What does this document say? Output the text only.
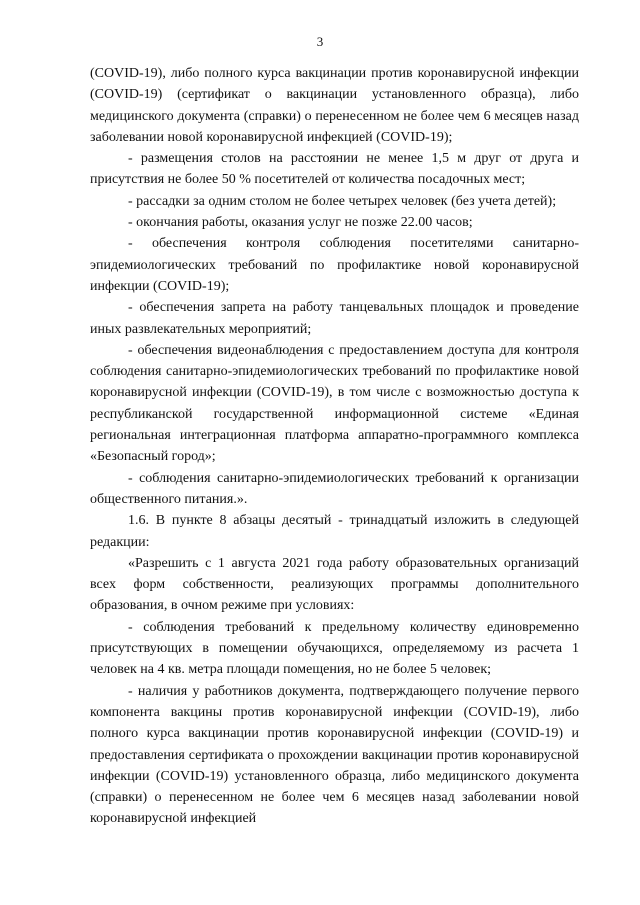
3

(COVID-19), либо полного курса вакцинации против коронавирусной инфекции (COVID-19) (сертификат о вакцинации установленного образца), либо медицинского документа (справки) о перенесенном не более чем 6 месяцев назад заболевании новой коронавирусной инфекцией (COVID-19);

- размещения столов на расстоянии не менее 1,5 м друг от друга и присутствия не более 50 % посетителей от количества посадочных мест;

- рассадки за одним столом не более четырех человек (без учета детей);

- окончания работы, оказания услуг не позже 22.00 часов;

- обеспечения контроля соблюдения посетителями санитарно-эпидемиологических требований по профилактике новой коронавирусной инфекции (COVID-19);

- обеспечения запрета на работу танцевальных площадок и проведение иных развлекательных мероприятий;

- обеспечения видеонаблюдения с предоставлением доступа для контроля соблюдения санитарно-эпидемиологических требований по профилактике новой коронавирусной инфекции (COVID-19), в том числе с возможностью доступа к республиканской государственной информационной системе «Единая региональная интеграционная платформа аппаратно-программного комплекса «Безопасный город»;

- соблюдения санитарно-эпидемиологических требований к организации общественного питания.».

1.6. В пункте 8 абзацы десятый - тринадцатый изложить в следующей редакции:

«Разрешить с 1 августа 2021 года работу образовательных организаций всех форм собственности, реализующих программы дополнительного образования, в очном режиме при условиях:

- соблюдения требований к предельному количеству единовременно присутствующих в помещении обучающихся, определяемому из расчета 1 человек на 4 кв. метра площади помещения, но не более 5 человек;

- наличия у работников документа, подтверждающего получение первого компонента вакцины против коронавирусной инфекции (COVID-19), либо полного курса вакцинации против коронавирусной инфекции (COVID-19) и предоставления сертификата о прохождении вакцинации против коронавирусной инфекции (COVID-19) установленного образца, либо медицинского документа (справки) о перенесенном не более чем 6 месяцев назад заболевании новой коронавирусной инфекцией
